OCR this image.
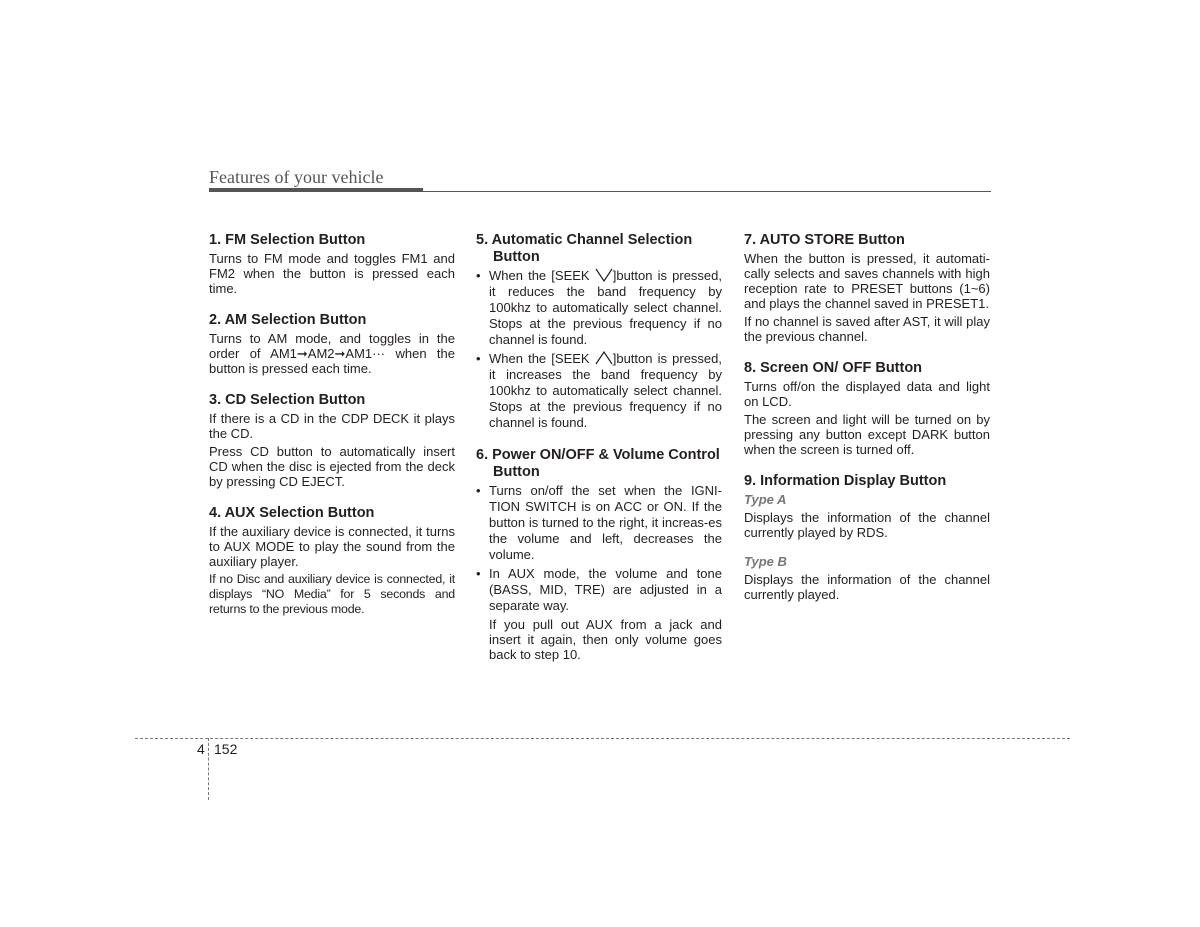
Features of your vehicle
1. FM Selection Button

Turns to FM mode and toggles FM1 and FM2 when the button is pressed each time.

2. AM Selection Button

Turns to AM mode, and toggles in the order of AM1➞AM2➞AM1··· when the button is pressed each time.

3. CD Selection Button

If there is a CD in the CDP DECK it plays the CD.

Press CD button to automatically insert CD when the disc is ejected from the deck by pressing CD EJECT.

4. AUX Selection Button

If the auxiliary device is connected, it turns to AUX MODE to play the sound from the auxiliary player.

If no Disc and auxiliary device is connected, it displays “NO Media” for 5 seconds and returns to the previous mode.

5. Automatic Channel Selection Button
• When the [SEEK ]button is pressed, it reduces the band frequency by 100khz to automatically select channel. Stops at the previous frequency if no channel is found.
• When the [SEEK ]button is pressed, it increases the band frequency by 100khz to automatically select channel. Stops at the previous frequency if no channel is found.
6. Power ON/OFF & Volume Control Button
• Turns on/off the set when the IGNI-TION SWITCH is on ACC or ON. If the button is turned to the right, it increas-es the volume and left, decreases the volume.
• In AUX mode, the volume and tone (BASS, MID, TRE) are adjusted in a separate way.

If you pull out AUX from a jack and insert it again, then only volume goes back to step 10.

7. AUTO STORE Button

When the button is pressed, it automati-cally selects and saves channels with high reception rate to PRESET buttons (1~6) and plays the channel saved in PRESET1.

If no channel is saved after AST, it will play the previous channel.

8. Screen ON/ OFF Button

Turns off/on the displayed data and light on LCD.

The screen and light will be turned on by pressing any button except DARK button when the screen is turned off.

9. Information Display Button
Type A

Displays the information of the channel currently played by RDS.

Type B

Displays the information of the channel currently played.

4 152
